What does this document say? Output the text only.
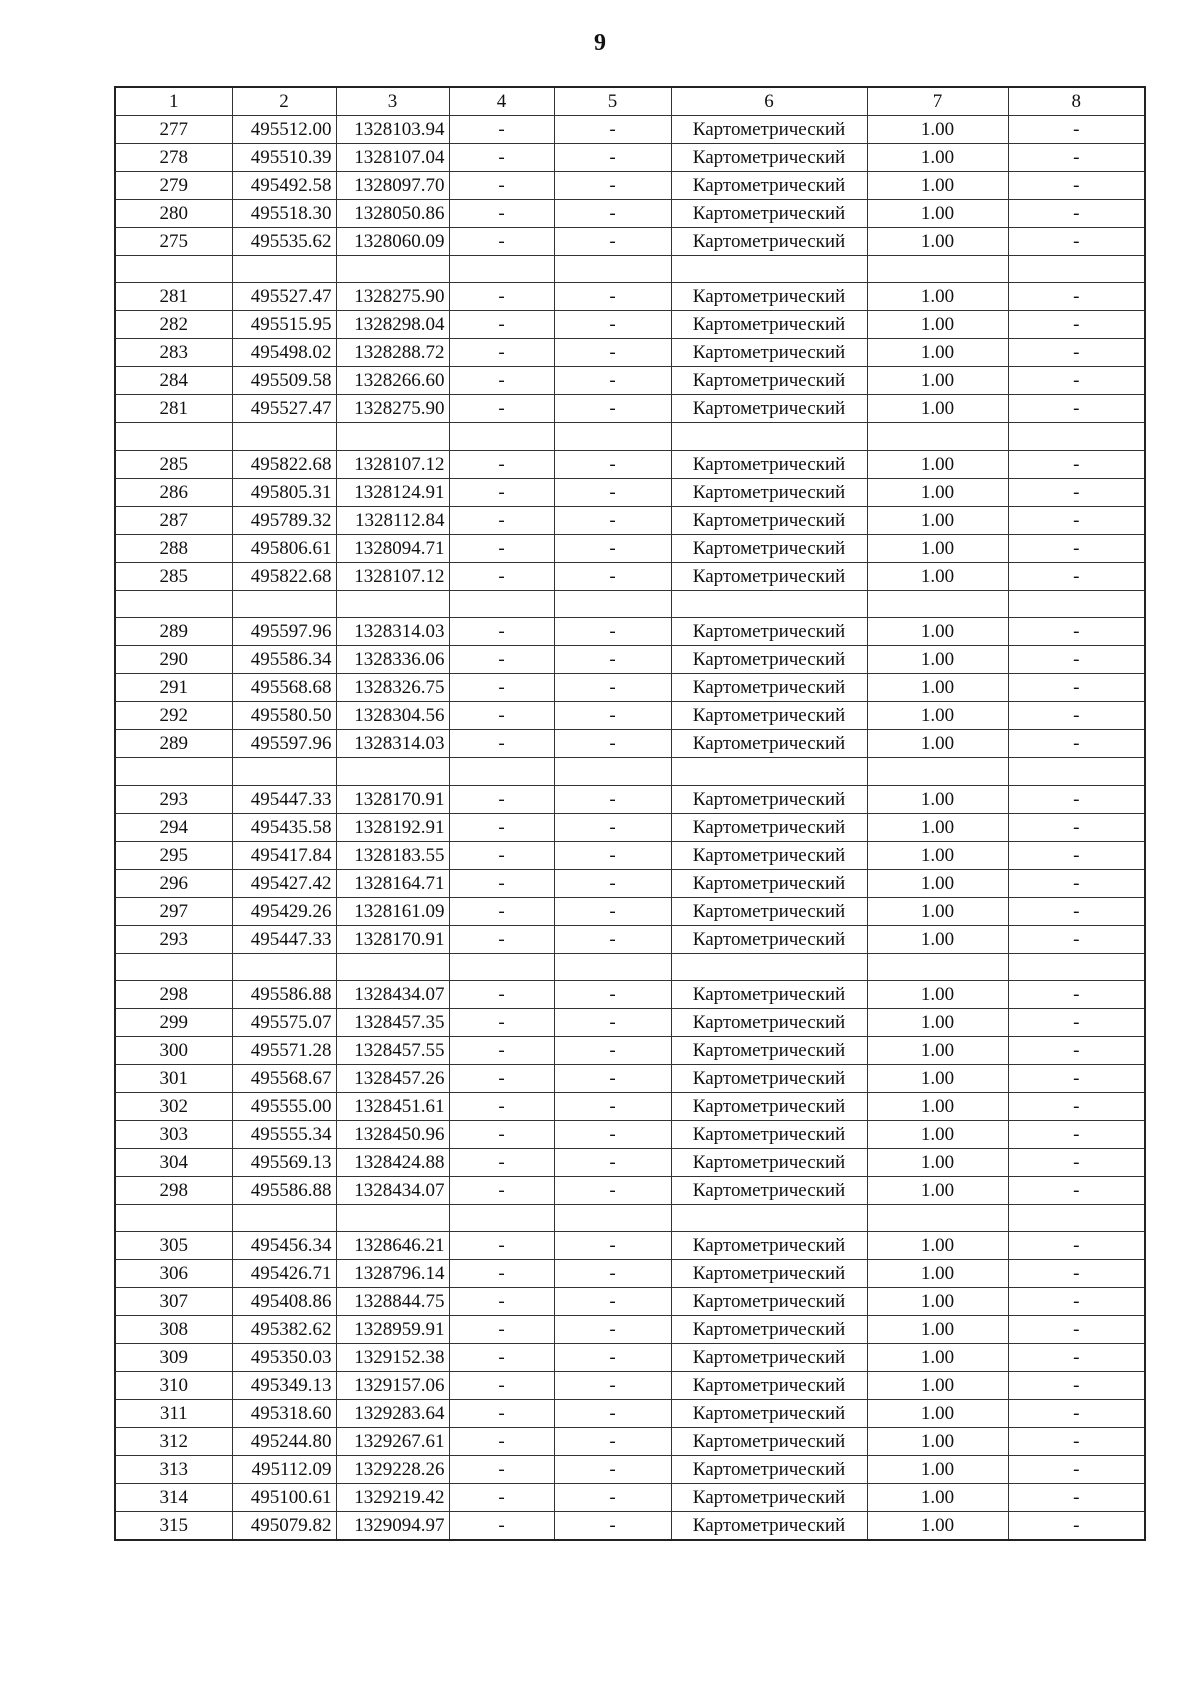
9
1	2	3	4	5	6	7	8
277	495512.00	1328103.94	-	-	Картометрический	1.00	-
278	495510.39	1328107.04	-	-	Картометрический	1.00	-
279	495492.58	1328097.70	-	-	Картометрический	1.00	-
280	495518.30	1328050.86	-	-	Картометрический	1.00	-
275	495535.62	1328060.09	-	-	Картометрический	1.00	-

281	495527.47	1328275.90	-	-	Картометрический	1.00	-
282	495515.95	1328298.04	-	-	Картометрический	1.00	-
283	495498.02	1328288.72	-	-	Картометрический	1.00	-
284	495509.58	1328266.60	-	-	Картометрический	1.00	-
281	495527.47	1328275.90	-	-	Картометрический	1.00	-

285	495822.68	1328107.12	-	-	Картометрический	1.00	-
286	495805.31	1328124.91	-	-	Картометрический	1.00	-
287	495789.32	1328112.84	-	-	Картометрический	1.00	-
288	495806.61	1328094.71	-	-	Картометрический	1.00	-
285	495822.68	1328107.12	-	-	Картометрический	1.00	-

289	495597.96	1328314.03	-	-	Картометрический	1.00	-
290	495586.34	1328336.06	-	-	Картометрический	1.00	-
291	495568.68	1328326.75	-	-	Картометрический	1.00	-
292	495580.50	1328304.56	-	-	Картометрический	1.00	-
289	495597.96	1328314.03	-	-	Картометрический	1.00	-

293	495447.33	1328170.91	-	-	Картометрический	1.00	-
294	495435.58	1328192.91	-	-	Картометрический	1.00	-
295	495417.84	1328183.55	-	-	Картометрический	1.00	-
296	495427.42	1328164.71	-	-	Картометрический	1.00	-
297	495429.26	1328161.09	-	-	Картометрический	1.00	-
293	495447.33	1328170.91	-	-	Картометрический	1.00	-

298	495586.88	1328434.07	-	-	Картометрический	1.00	-
299	495575.07	1328457.35	-	-	Картометрический	1.00	-
300	495571.28	1328457.55	-	-	Картометрический	1.00	-
301	495568.67	1328457.26	-	-	Картометрический	1.00	-
302	495555.00	1328451.61	-	-	Картометрический	1.00	-
303	495555.34	1328450.96	-	-	Картометрический	1.00	-
304	495569.13	1328424.88	-	-	Картометрический	1.00	-
298	495586.88	1328434.07	-	-	Картометрический	1.00	-

305	495456.34	1328646.21	-	-	Картометрический	1.00	-
306	495426.71	1328796.14	-	-	Картометрический	1.00	-
307	495408.86	1328844.75	-	-	Картометрический	1.00	-
308	495382.62	1328959.91	-	-	Картометрический	1.00	-
309	495350.03	1329152.38	-	-	Картометрический	1.00	-
310	495349.13	1329157.06	-	-	Картометрический	1.00	-
311	495318.60	1329283.64	-	-	Картометрический	1.00	-
312	495244.80	1329267.61	-	-	Картометрический	1.00	-
313	495112.09	1329228.26	-	-	Картометрический	1.00	-
314	495100.61	1329219.42	-	-	Картометрический	1.00	-
315	495079.82	1329094.97	-	-	Картометрический	1.00	-
